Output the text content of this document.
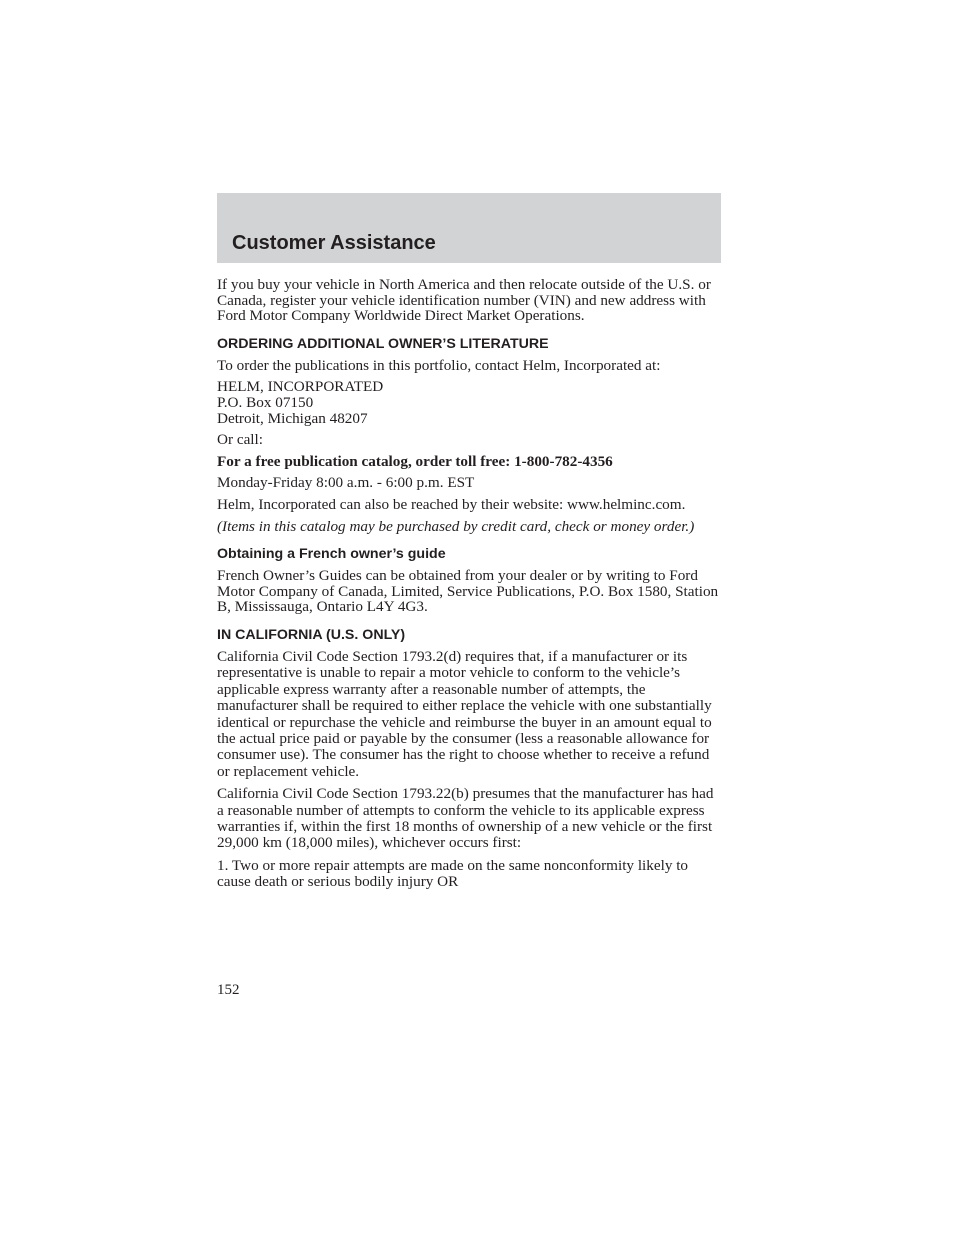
Customer Assistance

If you buy your vehicle in North America and then relocate outside of the U.S. or Canada, register your vehicle identification number (VIN) and new address with Ford Motor Company Worldwide Direct Market Operations.

ORDERING ADDITIONAL OWNER’S LITERATURE

To order the publications in this portfolio, contact Helm, Incorporated at:

HELM, INCORPORATED

P.O. Box 07150

Detroit, Michigan 48207

Or call:

For a free publication catalog, order toll free: 1-800-782-4356

Monday-Friday 8:00 a.m. - 6:00 p.m. EST

Helm, Incorporated can also be reached by their website: www.helminc.com.

(Items in this catalog may be purchased by credit card, check or money order.)

Obtaining a French owner’s guide

French Owner’s Guides can be obtained from your dealer or by writing to Ford Motor Company of Canada, Limited, Service Publications, P.O. Box 1580, Station B, Mississauga, Ontario L4Y 4G3.

IN CALIFORNIA (U.S. ONLY)

California Civil Code Section 1793.2(d) requires that, if a manufacturer or its representative is unable to repair a motor vehicle to conform to the vehicle’s applicable express warranty after a reasonable number of attempts, the manufacturer shall be required to either replace the vehicle with one substantially identical or repurchase the vehicle and reimburse the buyer in an amount equal to the actual price paid or payable by the consumer (less a reasonable allowance for consumer use). The consumer has the right to choose whether to receive a refund or replacement vehicle.

California Civil Code Section 1793.22(b) presumes that the manufacturer has had a reasonable number of attempts to conform the vehicle to its applicable express warranties if, within the first 18 months of ownership of a new vehicle or the first 29,000 km (18,000 miles), whichever occurs first:

1. Two or more repair attempts are made on the same nonconformity likely to cause death or serious bodily injury OR

152
